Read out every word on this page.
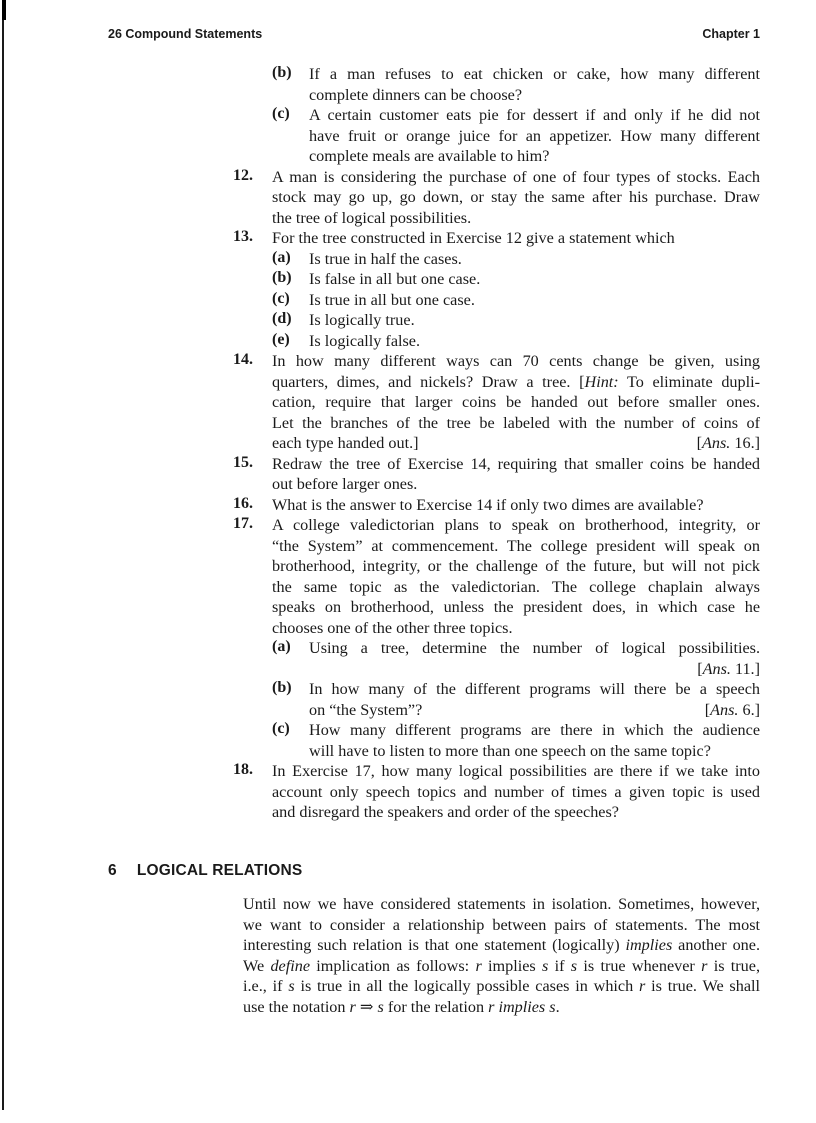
26 Compound Statements	Chapter 1
(b) If a man refuses to eat chicken or cake, how many different
complete dinners can be choose?
(c) A certain customer eats pie for dessert if and only if he did not
have fruit or orange juice for an appetizer. How many different
complete meals are available to him?
12. A man is considering the purchase of one of four types of stocks. Each
stock may go up, go down, or stay the same after his purchase. Draw
the tree of logical possibilities.
13. For the tree constructed in Exercise 12 give a statement which
(a) Is true in half the cases.
(b) Is false in all but one case.
(c) Is true in all but one case.
(d) Is logically true.
(e) Is logically false.
14. In how many different ways can 70 cents change be given, using
quarters, dimes, and nickels? Draw a tree. [Hint: To eliminate dupli-
cation, require that larger coins be handed out before smaller ones.
Let the branches of the tree be labeled with the number of coins of
each type handed out.]	[Ans. 16.]
15. Redraw the tree of Exercise 14, requiring that smaller coins be handed
out before larger ones.
16. What is the answer to Exercise 14 if only two dimes are available?
17. A college valedictorian plans to speak on brotherhood, integrity, or
“the System” at commencement. The college president will speak on
brotherhood, integrity, or the challenge of the future, but will not pick
the same topic as the valedictorian. The college chaplain always
speaks on brotherhood, unless the president does, in which case he
chooses one of the other three topics.
(a) Using a tree, determine the number of logical possibilities.
[Ans. 11.]
(b) In how many of the different programs will there be a speech
on “the System”?	[Ans. 6.]
(c) How many different programs are there in which the audience
will have to listen to more than one speech on the same topic?
18. In Exercise 17, how many logical possibilities are there if we take into
account only speech topics and number of times a given topic is used
and disregard the speakers and order of the speeches?
6 LOGICAL RELATIONS
Until now we have considered statements in isolation. Sometimes, however,
we want to consider a relationship between pairs of statements. The most
interesting such relation is that one statement (logically) implies another one.
We define implication as follows: r implies s if s is true whenever r is true,
i.e., if s is true in all the logically possible cases in which r is true. We shall
use the notation r ⇒ s for the relation r implies s.
